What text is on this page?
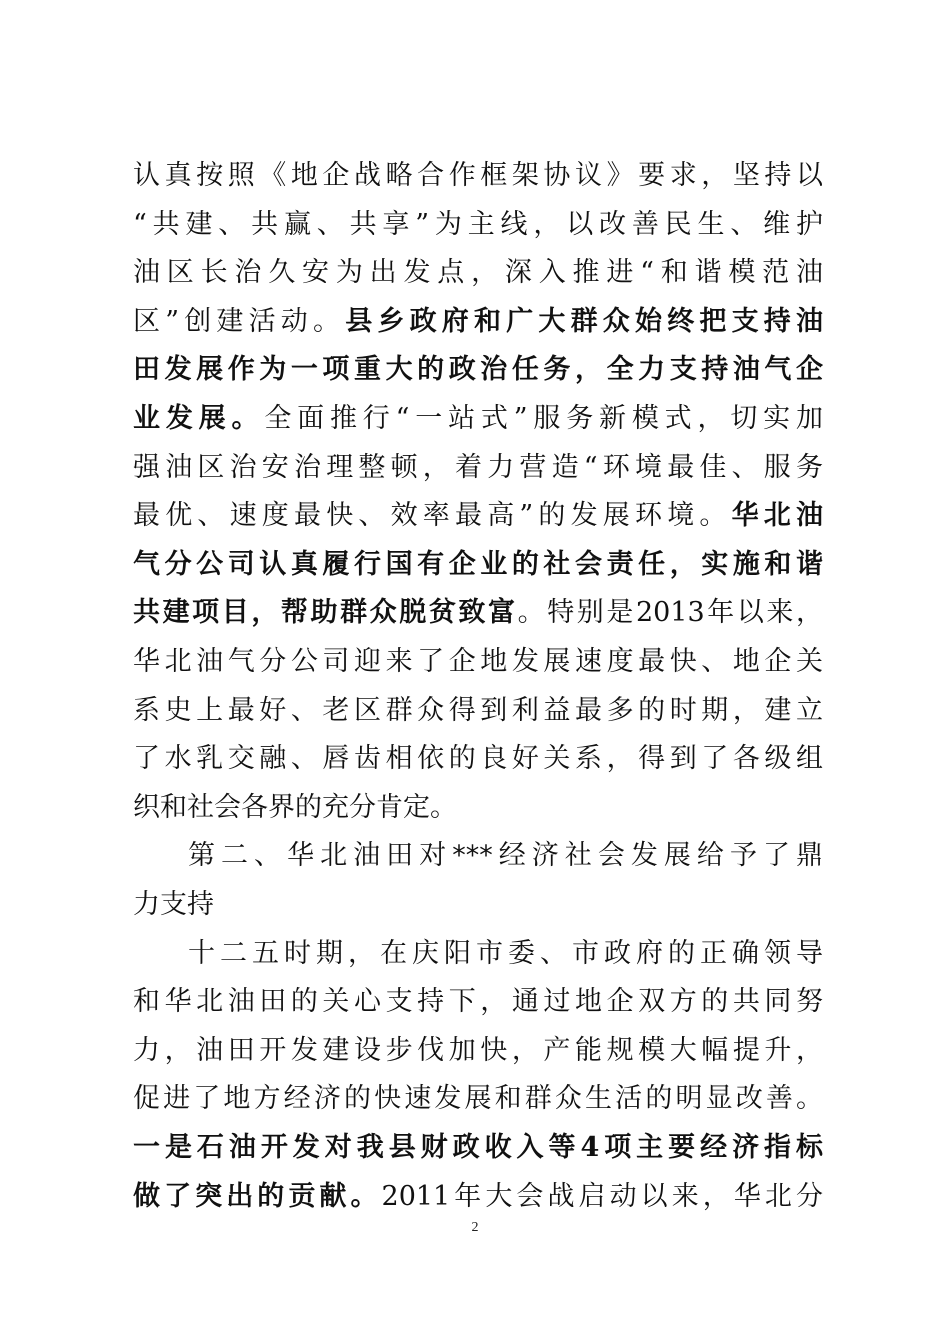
认真按照《地企战略合作框架协议》要求，坚持以
“共建、共赢、共享”为主线，以改善民生、维护
油区长治久安为出发点，深入推进“和谐模范油
区”创建活动。县乡政府和广大群众始终把支持油
田发展作为一项重大的政治任务，全力支持油气企
业发展。全面推行“一站式”服务新模式，切实加
强油区治安治理整顿，着力营造“环境最佳、服务
最优、速度最快、效率最高”的发展环境。华北油
气分公司认真履行国有企业的社会责任，实施和谐
共建项目，帮助群众脱贫致富。特别是2013年以来，
华北油气分公司迎来了企地发展速度最快、地企关
系史上最好、老区群众得到利益最多的时期，建立
了水乳交融、唇齿相依的良好关系，得到了各级组
织和社会各界的充分肯定。
第二、华北油田对***经济社会发展给予了鼎
力支持
十二五时期，在庆阳市委、市政府的正确领导
和华北油田的关心支持下，通过地企双方的共同努
力，油田开发建设步伐加快，产能规模大幅提升，
促进了地方经济的快速发展和群众生活的明显改善。
一是石油开发对我县财政收入等4项主要经济指标
做了突出的贡献。2011年大会战启动以来，华北分
2
